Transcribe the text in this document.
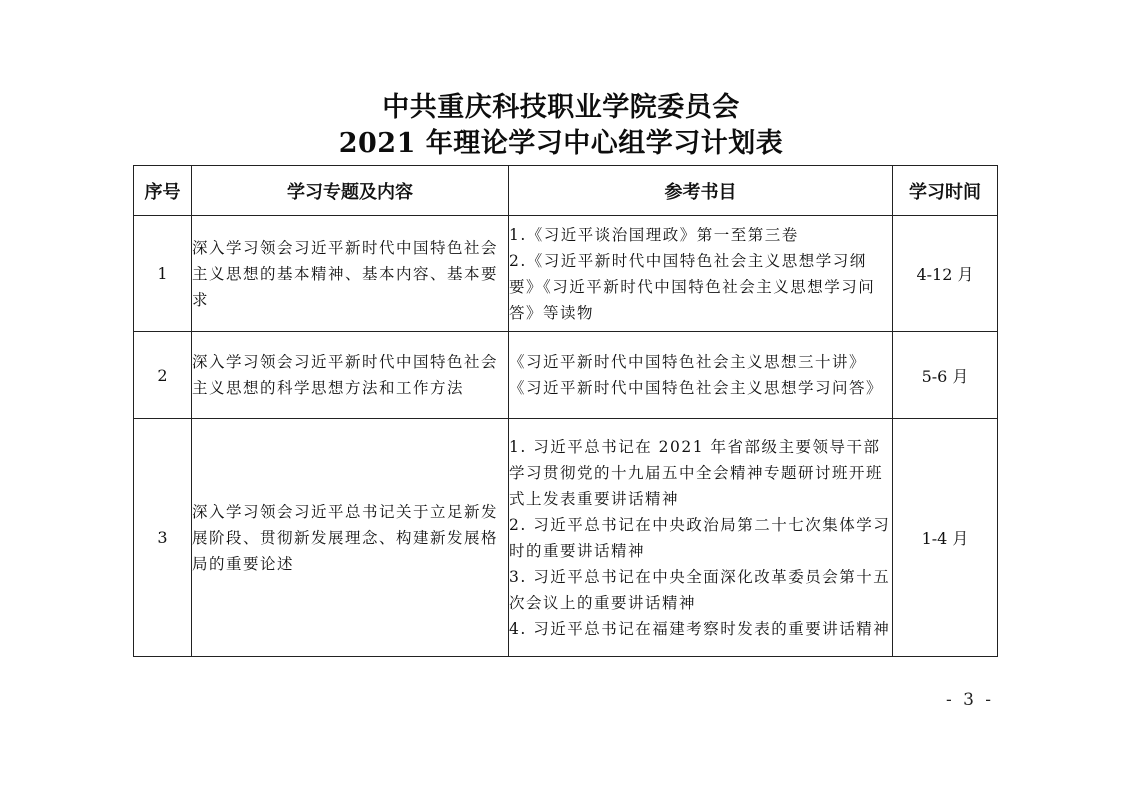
中共重庆科技职业学院委员会
2021 年理论学习中心组学习计划表
序号	学习专题及内容	参考书目	学习时间
1	深入学习领会习近平新时代中国特色社会主义思想的基本精神、基本内容、基本要求	1.《习近平谈治国理政》第一至第三卷
2.《习近平新时代中国特色社会主义思想学习纲要》《习近平新时代中国特色社会主义思想学习问答》等读物	4-12 月
2	深入学习领会习近平新时代中国特色社会主义思想的科学思想方法和工作方法	《习近平新时代中国特色社会主义思想三十讲》《习近平新时代中国特色社会主义思想学习问答》	5-6 月
3	深入学习领会习近平总书记关于立足新发展阶段、贯彻新发展理念、构建新发展格局的重要论述	1. 习近平总书记在 2021 年省部级主要领导干部学习贯彻党的十九届五中全会精神专题研讨班开班式上发表重要讲话精神
2. 习近平总书记在中央政治局第二十七次集体学习时的重要讲话精神
3. 习近平总书记在中央全面深化改革委员会第十五次会议上的重要讲话精神
4. 习近平总书记在福建考察时发表的重要讲话精神	1-4 月
- 3 -
